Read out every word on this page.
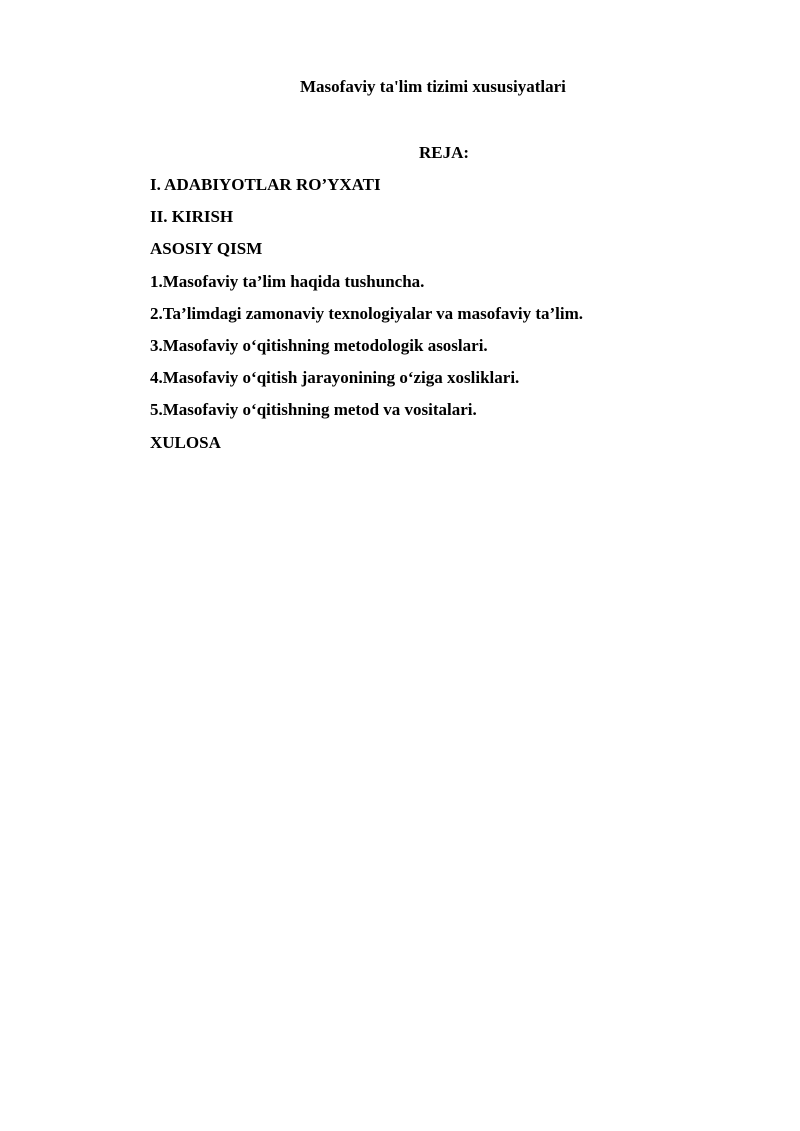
Masofaviy ta'lim tizimi xususiyatlari
REJA:
I. ADABIYOTLAR RO’YXATI
II. KIRISH
ASOSIY QISM
1.Masofaviy ta’lim haqida tushuncha.
2.Ta’limdagi zamonaviy texnologiyalar va masofaviy ta’lim.
3.Masofaviy o‘qitishning metodologik asoslari.
4.Masofaviy o‘qitish jarayonining o‘ziga xosliklari.
5.Masofaviy o‘qitishning metod va vositalari.
XULOSA
